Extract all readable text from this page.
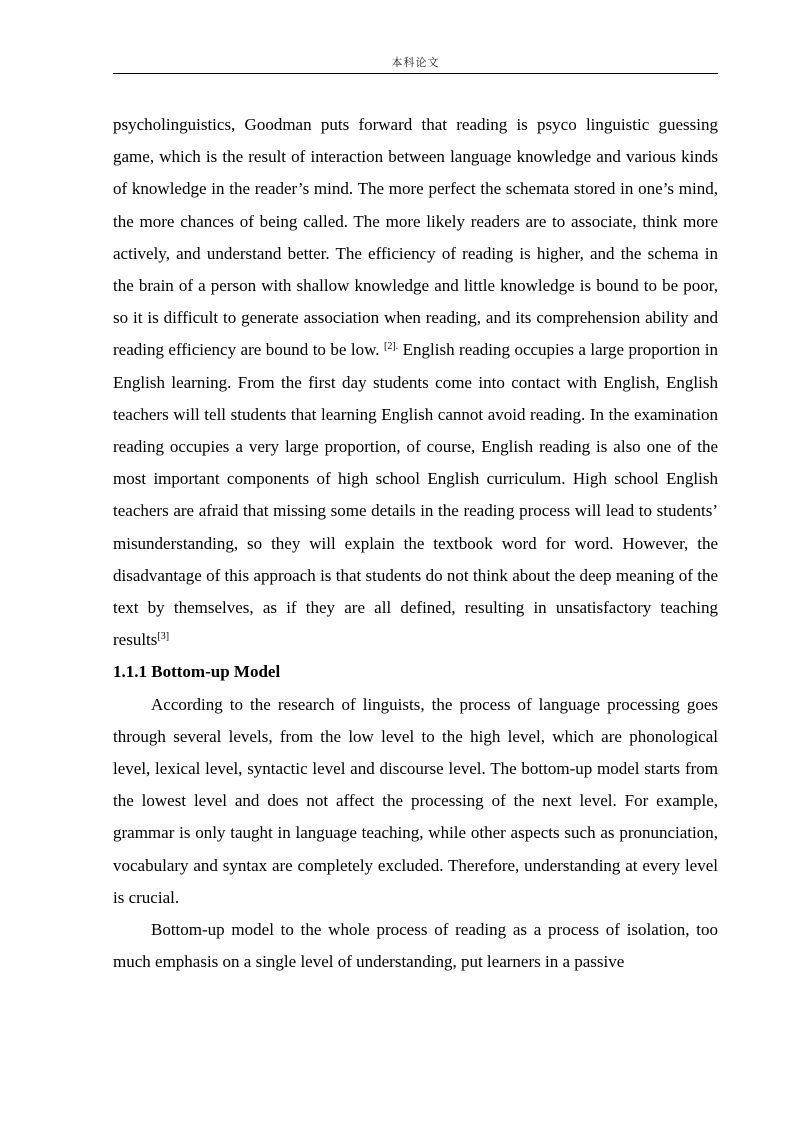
本科论文

psycholinguistics, Goodman puts forward that reading is psyco linguistic guessing game, which is the result of interaction between language knowledge and various kinds of knowledge in the reader’s mind. The more perfect the schemata stored in one’s mind, the more chances of being called. The more likely readers are to associate, think more actively, and understand better. The efficiency of reading is higher, and the schema in the brain of a person with shallow knowledge and little knowledge is bound to be poor, so it is difficult to generate association when reading, and its comprehension ability and reading efficiency are bound to be low. $^{[2].}$ English reading occupies a large proportion in English learning. From the first day students come into contact with English, English teachers will tell students that learning English cannot avoid reading. In the examination reading occupies a very large proportion, of course, English reading is also one of the most important components of high school English curriculum. High school English teachers are afraid that missing some details in the reading process will lead to students’ misunderstanding, so they will explain the textbook word for word. However, the disadvantage of this approach is that students do not think about the deep meaning of the text by themselves, as if they are all defined, resulting in unsatisfactory teaching results[3]

1.1.1 Bottom-up Model

According to the research of linguists, the process of language processing goes through several levels, from the low level to the high level, which are phonological level, lexical level, syntactic level and discourse level. The bottom-up model starts from the lowest level and does not affect the processing of the next level. For example, grammar is only taught in language teaching, while other aspects such as pronunciation, vocabulary and syntax are completely excluded. Therefore, understanding at every level is crucial.

Bottom-up model to the whole process of reading as a process of isolation, too much emphasis on a single level of understanding, put learners in a passive
